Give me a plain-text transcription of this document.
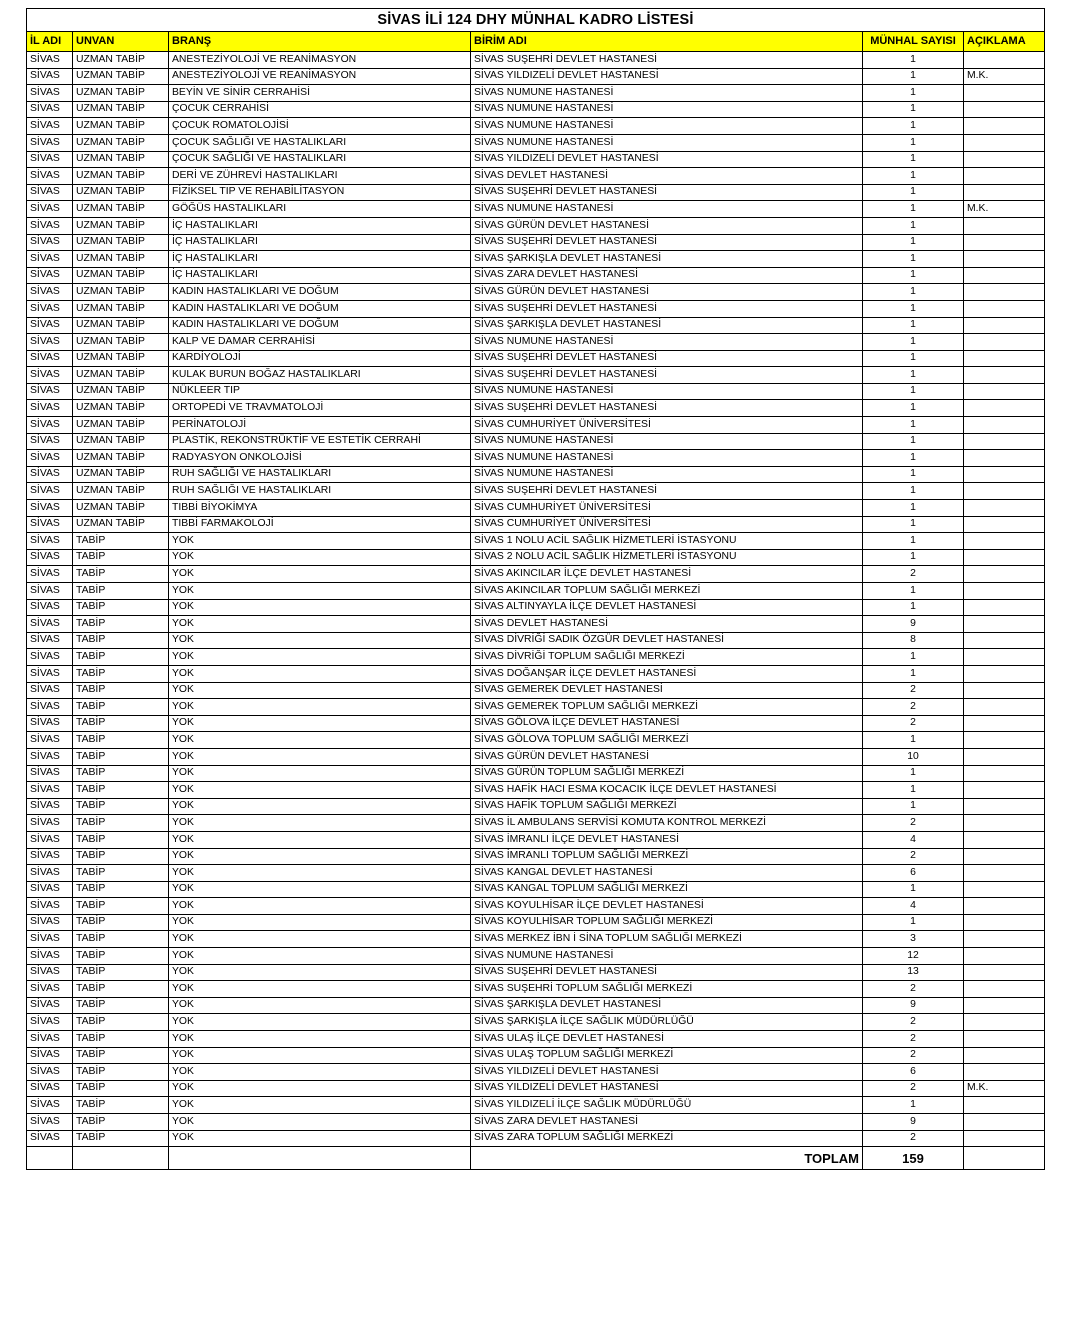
SİVAS İLİ 124 DHY MÜNHAL KADRO LİSTESİ					
İL ADI	UNVAN	BRANŞ	BİRİM ADI	MÜNHAL SAYISI	AÇIKLAMA
SİVAS	UZMAN TABİP	ANESTEZİYOLOJİ VE REANİMASYON	SİVAS SUŞEHRİ DEVLET HASTANESİ	1	
SİVAS	UZMAN TABİP	ANESTEZİYOLOJİ VE REANİMASYON	SİVAS YILDIZELİ DEVLET HASTANESİ	1	M.K.
SİVAS	UZMAN TABİP	BEYİN VE SİNİR CERRAHİSİ	SİVAS NUMUNE HASTANESİ	1	
SİVAS	UZMAN TABİP	ÇOCUK CERRAHİSİ	SİVAS NUMUNE HASTANESİ	1	
SİVAS	UZMAN TABİP	ÇOCUK ROMATOLOJİSİ	SİVAS NUMUNE HASTANESİ	1	
SİVAS	UZMAN TABİP	ÇOCUK SAĞLIĞI VE HASTALIKLARI	SİVAS NUMUNE HASTANESİ	1	
SİVAS	UZMAN TABİP	ÇOCUK SAĞLIĞI VE HASTALIKLARI	SİVAS YILDIZELİ DEVLET HASTANESİ	1	
SİVAS	UZMAN TABİP	DERİ VE ZÜHREVİ HASTALIKLARI	SİVAS DEVLET HASTANESİ	1	
SİVAS	UZMAN TABİP	FİZİKSEL TIP VE REHABİLİTASYON	SİVAS SUŞEHRİ DEVLET HASTANESİ	1	
SİVAS	UZMAN TABİP	GÖĞÜS HASTALIKLARI	SİVAS NUMUNE HASTANESİ	1	M.K.
SİVAS	UZMAN TABİP	İÇ HASTALIKLARI	SİVAS GÜRÜN DEVLET HASTANESİ	1	
SİVAS	UZMAN TABİP	İÇ HASTALIKLARI	SİVAS SUŞEHRİ DEVLET HASTANESİ	1	
SİVAS	UZMAN TABİP	İÇ HASTALIKLARI	SİVAS ŞARKIŞLA DEVLET HASTANESİ	1	
SİVAS	UZMAN TABİP	İÇ HASTALIKLARI	SİVAS ZARA DEVLET HASTANESİ	1	
SİVAS	UZMAN TABİP	KADIN HASTALIKLARI VE DOĞUM	SİVAS GÜRÜN DEVLET HASTANESİ	1	
SİVAS	UZMAN TABİP	KADIN HASTALIKLARI VE DOĞUM	SİVAS SUŞEHRİ DEVLET HASTANESİ	1	
SİVAS	UZMAN TABİP	KADIN HASTALIKLARI VE DOĞUM	SİVAS ŞARKIŞLA DEVLET HASTANESİ	1	
SİVAS	UZMAN TABİP	KALP VE DAMAR CERRAHİSİ	SİVAS NUMUNE HASTANESİ	1	
SİVAS	UZMAN TABİP	KARDİYOLOJİ	SİVAS SUŞEHRİ DEVLET HASTANESİ	1	
SİVAS	UZMAN TABİP	KULAK BURUN BOĞAZ HASTALIKLARI	SİVAS SUŞEHRİ DEVLET HASTANESİ	1	
SİVAS	UZMAN TABİP	NÜKLEER TIP	SİVAS NUMUNE HASTANESİ	1	
SİVAS	UZMAN TABİP	ORTOPEDİ VE TRAVMATOLOJİ	SİVAS SUŞEHRİ DEVLET HASTANESİ	1	
SİVAS	UZMAN TABİP	PERİNATOLOJİ	SİVAS CUMHURİYET ÜNİVERSİTESİ	1	
SİVAS	UZMAN TABİP	PLASTİK, REKONSTRÜKTİF VE ESTETİK CERRAHİ	SİVAS NUMUNE HASTANESİ	1	
SİVAS	UZMAN TABİP	RADYASYON ONKOLOJİSİ	SİVAS NUMUNE HASTANESİ	1	
SİVAS	UZMAN TABİP	RUH SAĞLIĞI VE HASTALIKLARI	SİVAS NUMUNE HASTANESİ	1	
SİVAS	UZMAN TABİP	RUH SAĞLIĞI VE HASTALIKLARI	SİVAS SUŞEHRİ DEVLET HASTANESİ	1	
SİVAS	UZMAN TABİP	TIBBİ BİYOKİMYA	SİVAS CUMHURİYET ÜNİVERSİTESİ	1	
SİVAS	UZMAN TABİP	TIBBİ FARMAKOLOJİ	SİVAS CUMHURİYET ÜNİVERSİTESİ	1	
SİVAS	TABİP	YOK	SİVAS 1 NOLU ACİL SAĞLIK HİZMETLERİ İSTASYONU	1	
SİVAS	TABİP	YOK	SİVAS 2 NOLU ACİL SAĞLIK HİZMETLERİ İSTASYONU	1	
SİVAS	TABİP	YOK	SİVAS AKINCILAR İLÇE DEVLET HASTANESİ	2	
SİVAS	TABİP	YOK	SİVAS AKINCILAR TOPLUM SAĞLIĞI MERKEZİ	1	
SİVAS	TABİP	YOK	SİVAS ALTINYAYLA İLÇE DEVLET HASTANESİ	1	
SİVAS	TABİP	YOK	SİVAS DEVLET HASTANESİ	9	
SİVAS	TABİP	YOK	SİVAS DİVRİĞİ SADIK ÖZGÜR DEVLET HASTANESİ	8	
SİVAS	TABİP	YOK	SİVAS DİVRİĞİ TOPLUM SAĞLIĞI MERKEZİ	1	
SİVAS	TABİP	YOK	SİVAS DOĞANŞAR İLÇE DEVLET HASTANESİ	1	
SİVAS	TABİP	YOK	SİVAS GEMEREK DEVLET HASTANESİ	2	
SİVAS	TABİP	YOK	SİVAS GEMEREK TOPLUM SAĞLIĞI MERKEZİ	2	
SİVAS	TABİP	YOK	SİVAS GÖLOVA İLÇE DEVLET HASTANESİ	2	
SİVAS	TABİP	YOK	SİVAS GÖLOVA TOPLUM SAĞLIĞI MERKEZİ	1	
SİVAS	TABİP	YOK	SİVAS GÜRÜN DEVLET HASTANESİ	10	
SİVAS	TABİP	YOK	SİVAS GÜRÜN TOPLUM SAĞLIĞI MERKEZİ	1	
SİVAS	TABİP	YOK	SİVAS HAFİK HACI ESMA KOCACIK İLÇE DEVLET HASTANESİ	1	
SİVAS	TABİP	YOK	SİVAS HAFİK TOPLUM SAĞLIĞI MERKEZİ	1	
SİVAS	TABİP	YOK	SİVAS İL AMBULANS SERVİSİ KOMUTA KONTROL MERKEZİ	2	
SİVAS	TABİP	YOK	SİVAS İMRANLI İLÇE DEVLET HASTANESİ	4	
SİVAS	TABİP	YOK	SİVAS İMRANLI TOPLUM SAĞLIĞI MERKEZİ	2	
SİVAS	TABİP	YOK	SİVAS KANGAL DEVLET HASTANESİ	6	
SİVAS	TABİP	YOK	SİVAS KANGAL TOPLUM SAĞLIĞI MERKEZİ	1	
SİVAS	TABİP	YOK	SİVAS KOYULHİSAR İLÇE DEVLET HASTANESİ	4	
SİVAS	TABİP	YOK	SİVAS KOYULHİSAR TOPLUM SAĞLIĞI MERKEZİ	1	
SİVAS	TABİP	YOK	SİVAS MERKEZ İBN İ SİNA TOPLUM SAĞLIĞI MERKEZİ	3	
SİVAS	TABİP	YOK	SİVAS NUMUNE HASTANESİ	12	
SİVAS	TABİP	YOK	SİVAS SUŞEHRİ DEVLET HASTANESİ	13	
SİVAS	TABİP	YOK	SİVAS SUŞEHRİ TOPLUM SAĞLIĞI MERKEZİ	2	
SİVAS	TABİP	YOK	SİVAS ŞARKIŞLA DEVLET HASTANESİ	9	
SİVAS	TABİP	YOK	SİVAS ŞARKIŞLA İLÇE SAĞLIK MÜDÜRLÜĞÜ	2	
SİVAS	TABİP	YOK	SİVAS ULAŞ İLÇE DEVLET HASTANESİ	2	
SİVAS	TABİP	YOK	SİVAS ULAŞ TOPLUM SAĞLIĞI MERKEZİ	2	
SİVAS	TABİP	YOK	SİVAS YILDIZELİ DEVLET HASTANESİ	6	
SİVAS	TABİP	YOK	SİVAS YILDIZELİ DEVLET HASTANESİ	2	M.K.
SİVAS	TABİP	YOK	SİVAS YILDIZELİ İLÇE SAĞLIK MÜDÜRLÜĞÜ	1	
SİVAS	TABİP	YOK	SİVAS ZARA DEVLET HASTANESİ	9	
SİVAS	TABİP	YOK	SİVAS ZARA TOPLUM SAĞLIĞI MERKEZİ	2	
			TOPLAM	159	
